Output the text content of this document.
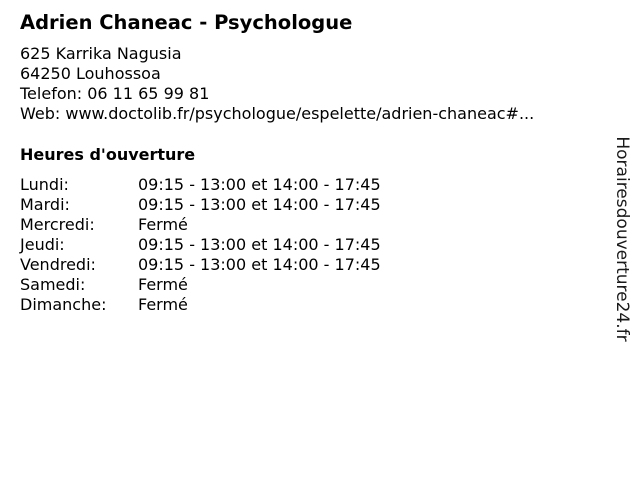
Adrien Chaneac - Psychologue
625 Karrika Nagusia
64250 Louhossoa
Telefon: 06 11 65 99 81
Web: www.doctolib.fr/psychologue/espelette/adrien-chaneac#...
Heures d'ouverture
Lundi:	09:15 - 13:00 et 14:00 - 17:45
Mardi:	09:15 - 13:00 et 14:00 - 17:45
Mercredi:	Fermé
Jeudi:	09:15 - 13:00 et 14:00 - 17:45
Vendredi:	09:15 - 13:00 et 14:00 - 17:45
Samedi:	Fermé
Dimanche:	Fermé	Horairesdouverture24.fr
